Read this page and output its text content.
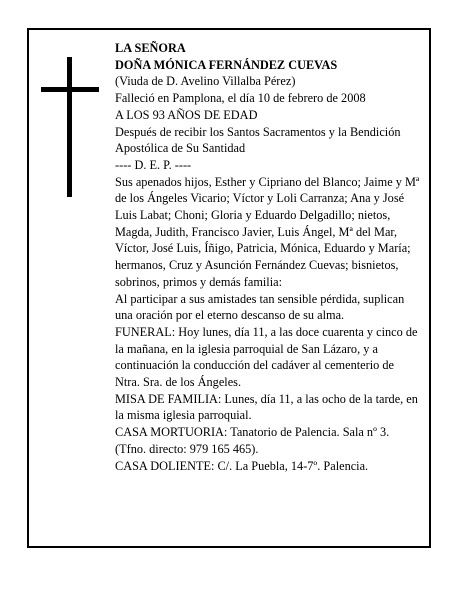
LA SEÑORA

DOÑA MÓNICA FERNÁNDEZ CUEVAS

(Viuda de D. Avelino Villalba Pérez)

Falleció en Pamplona, el día 10 de febrero de 2008

A LOS 93 AÑOS DE EDAD

Después de recibir los Santos Sacramentos y la Bendición Apostólica de Su Santidad

---- D. E. P. ----

Sus apenados hijos, Esther y Cipriano del Blanco; Jaime y Mª de los Ángeles Vicario; Víctor y Loli Carranza; Ana y José Luis Labat; Choni; Gloria y Eduardo Delgadillo; nietos, Magda, Judith, Francisco Javier, Luis Ángel, Mª del Mar, Víctor, José Luis, Íñigo, Patricia, Mónica, Eduardo y María; hermanos, Cruz y Asunción Fernández Cuevas; bisnietos, sobrinos, primos y demás familia:

Al participar a sus amistades tan sensible pérdida, suplican una oración por el eterno descanso de su alma.

FUNERAL: Hoy lunes, día 11, a las doce cuarenta y cinco de la mañana, en la iglesia parroquial de San Lázaro, y a continuación la conducción del cadáver al cementerio de Ntra. Sra. de los Ángeles.

MISA DE FAMILIA: Lunes, día 11, a las ocho de la tarde, en la misma iglesia parroquial.

CASA MORTUORIA: Tanatorio de Palencia. Sala nº 3. (Tfno. directo: 979 165 465).

CASA DOLIENTE: C/. La Puebla, 14-7º. Palencia.
